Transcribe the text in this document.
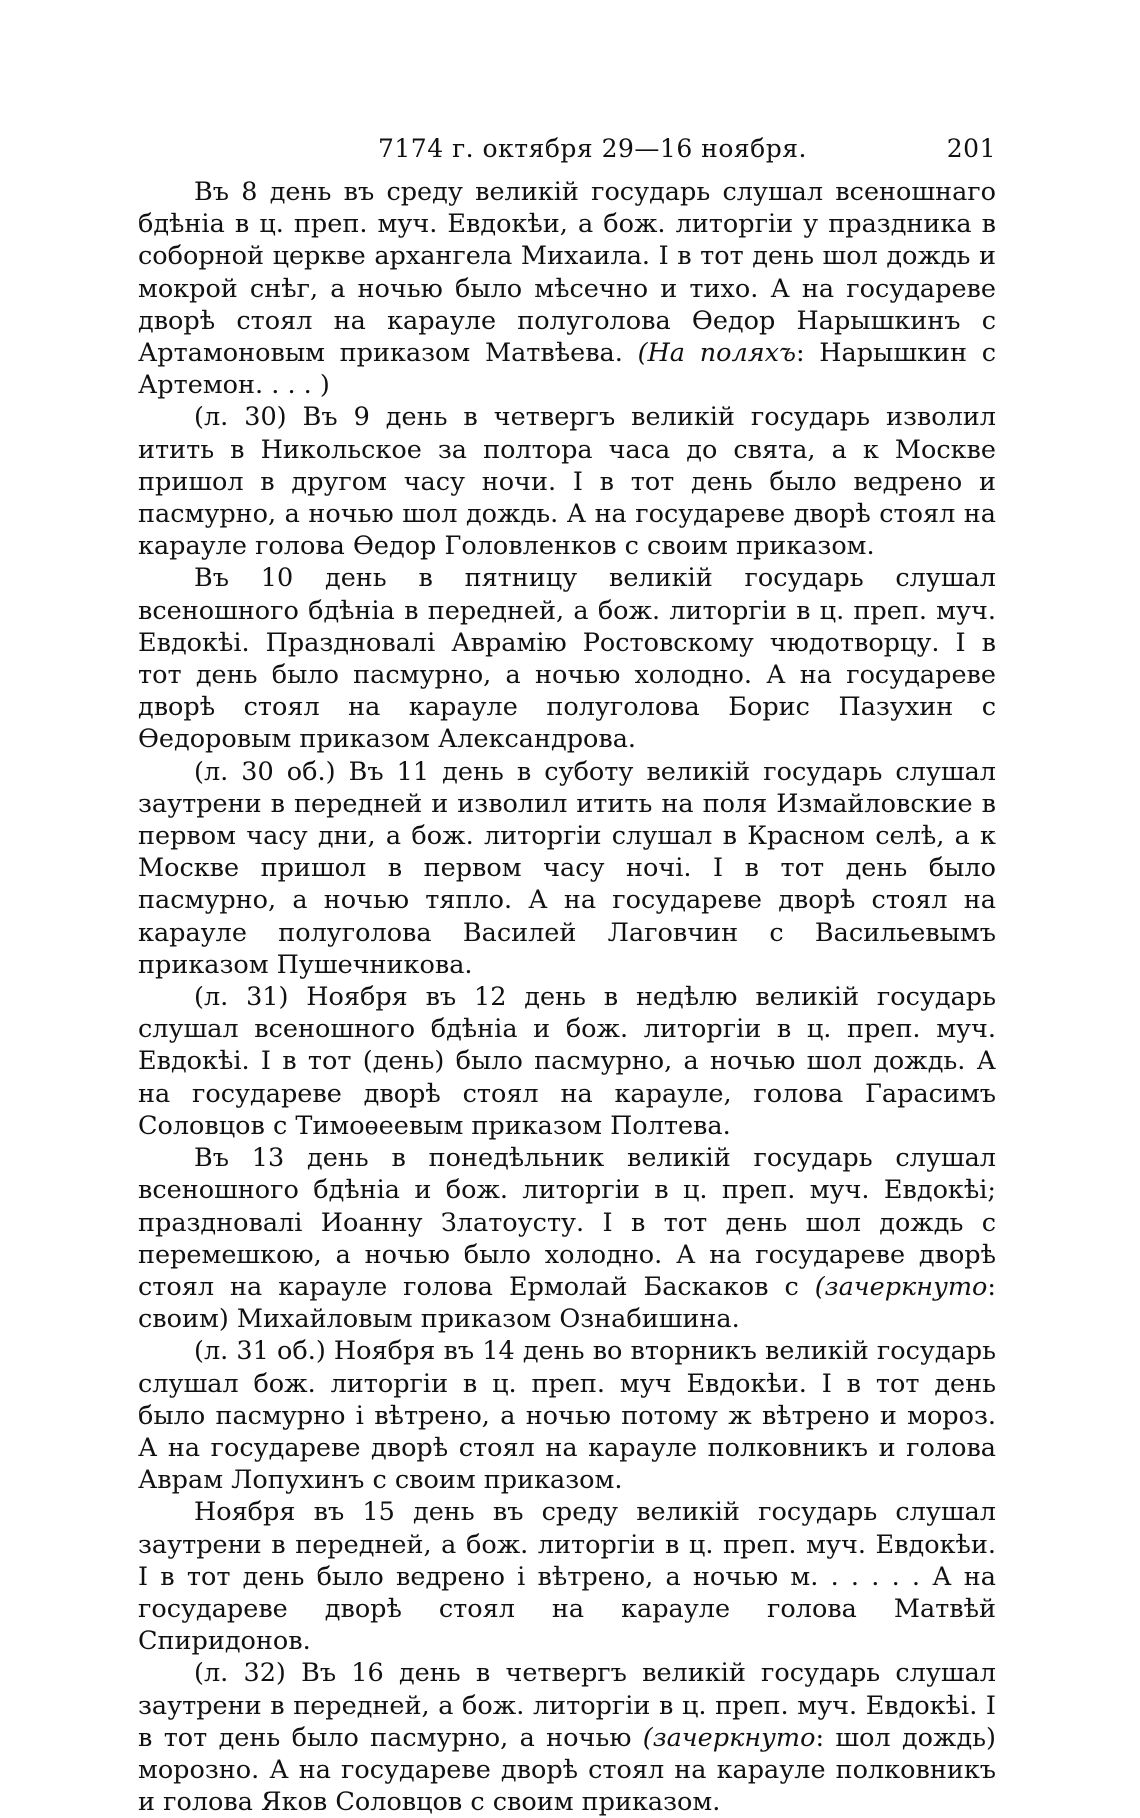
7174 г. октября 29—16 ноября.	201

Въ 8 день въ среду великій государь слушал всеношнаго бдѣніа в ц. преп. муч. Евдокѣи, а бож. литоргіи у праздника в соборной церкве архангела Михаила. І в тот день шол дождь и мокрой снѣг, а ночью было мѣсечно и тихо. А на государеве дворѣ стоял на карауле полуголова Өедор Нарышкинъ с Артамоновым приказом Матвѣева. (На поляхъ: Нарышкин с Артемон. . . . )

(л. 30) Въ 9 день в четвергъ великій государь изволил итить в Никольское за полтора часа до свята, а к Москве пришол в другом часу ночи. І в тот день было ведрено и пасмурно, а ночью шол дождь. А на государеве дворѣ стоял на карауле голова Өедор Головленков с своим приказом.

Въ 10 день в пятницу великій государь слушал всеношного бдѣніа в передней, а бож. литоргіи в ц. преп. муч. Евдокѣі. Праздновалі Аврамію Ростовскому чюдотворцу. І в тот день было пасмурно, а ночью холодно. А на государеве дворѣ стоял на карауле полуголова Борис Пазухин с Өедоровым приказом Александрова.

(л. 30 об.) Въ 11 день в суботу великій государь слушал заутрени в передней и изволил итить на поля Измайловские в первом часу дни, а бож. литоргіи слушал в Красном селѣ, а к Москве пришол в первом часу ночі. І в тот день было пасмурно, а ночью тяпло. А на государеве дворѣ стоял на карауле полуголова Василей Лаговчин с Васильевымъ приказом Пушечникова.

(л. 31) Ноября въ 12 день в недѣлю великій государь слушал всеношного бдѣніа и бож. литоргіи в ц. преп. муч. Евдокѣі. І в тот (день) было пасмурно, а ночью шол дождь. А на государеве дворѣ стоял на карауле, голова Гарасимъ Соловцов с Тимоѳеевым приказом Полтева.

Въ 13 день в понедѣльник великій государь слушал всеношного бдѣніа и бож. литоргіи в ц. преп. муч. Евдокѣі; праздновалі Иоанну Златоусту. І в тот день шол дождь с перемешкою, а ночью было холодно. А на государеве дворѣ стоял на карауле голова Ермолай Баскаков с (зачеркнуто: своим) Михайловым приказом Ознабишина.

(л. 31 об.) Ноября въ 14 день во вторникъ великій государь слушал бож. литоргіи в ц. преп. муч Евдокѣи. І в тот день было пасмурно і вѣтрено, а ночью потому ж вѣтрено и мороз. А на государеве дворѣ стоял на карауле полковникъ и голова Аврам Лопухинъ с своим приказом.

Ноября въ 15 день въ среду великій государь слушал заутрени в передней, а бож. литоргіи в ц. преп. муч. Евдокѣи. І в тот день было ведрено і вѣтрено, а ночью м. . . . . . А на государеве дворѣ стоял на карауле голова Матвѣй Спиридонов.

(л. 32) Въ 16 день в четвергъ великій государь слушал заутрени в передней, а бож. литоргіи в ц. преп. муч. Евдокѣі. І в тот день было пасмурно, а ночью (зачеркнуто: шол дождь) морозно. А на государеве дворѣ стоял на карауле полковникъ и голова Яков Соловцов с своим приказом.
